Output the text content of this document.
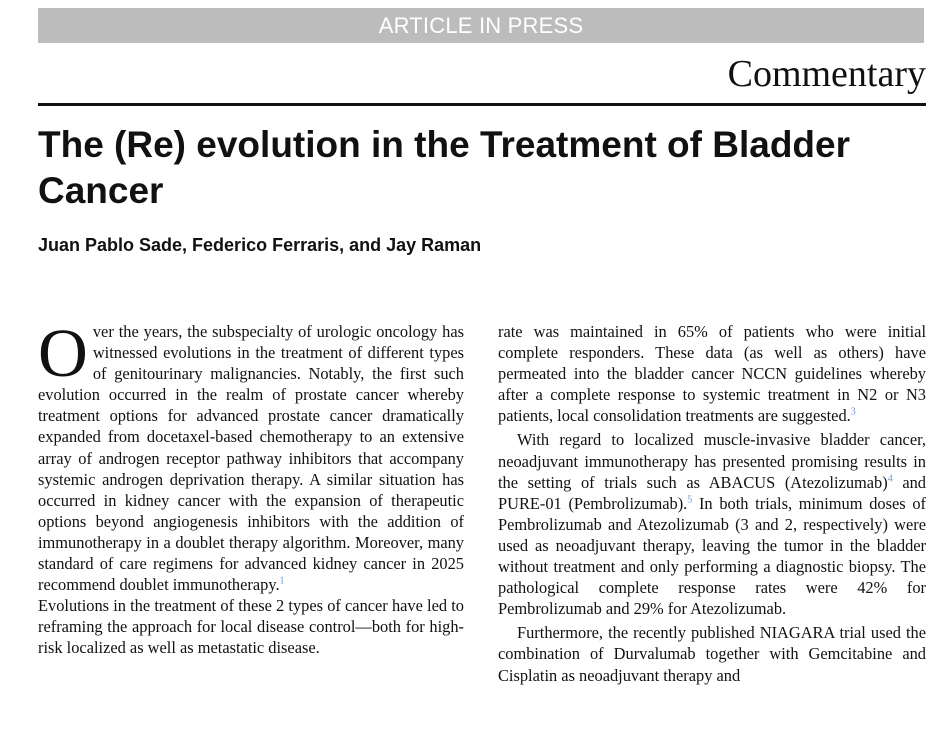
ARTICLE IN PRESS
Commentary
The (Re) evolution in the Treatment of Bladder Cancer
Juan Pablo Sade, Federico Ferraris, and Jay Raman

Over the years, the subspecialty of urologic oncology has witnessed evolutions in the treatment of different types of genitourinary malignancies. Notably, the first such evolution occurred in the realm of prostate cancer whereby treatment options for advanced prostate cancer dramatically expanded from docetaxel-based chemotherapy to an extensive array of androgen receptor pathway inhibitors that accompany systemic androgen deprivation therapy. A similar situation has occurred in kidney cancer with the expansion of therapeutic options beyond angiogenesis inhibitors with the addition of immunotherapy in a doublet therapy algorithm. Moreover, many standard of care regimens for advanced kidney cancer in 2025 recommend doublet immunotherapy.$^1$

Evolutions in the treatment of these 2 types of cancer have led to reframing the approach for local disease control—both for high-risk localized as well as metastatic disease.

rate was maintained in 65% of patients who were initial complete responders. These data (as well as others) have permeated into the bladder cancer NCCN guidelines whereby after a complete response to systemic treatment in N2 or N3 patients, local consolidation treatments are suggested.$^3$

With regard to localized muscle-invasive bladder cancer, neoadjuvant immunotherapy has presented promising results in the setting of trials such as ABACUS (Atezolizumab)$^4$ and PURE-01 (Pembrolizumab).$^5$ In both trials, minimum doses of Pembrolizumab and Atezolizumab (3 and 2, respectively) were used as neoadjuvant therapy, leaving the tumor in the bladder without treatment and only performing a diagnostic biopsy. The pathological complete response rates were 42% for Pembrolizumab and 29% for Atezolizumab.

Furthermore, the recently published NIAGARA trial used the combination of Durvalumab together with Gemcitabine and Cisplatin as neoadjuvant therapy and
